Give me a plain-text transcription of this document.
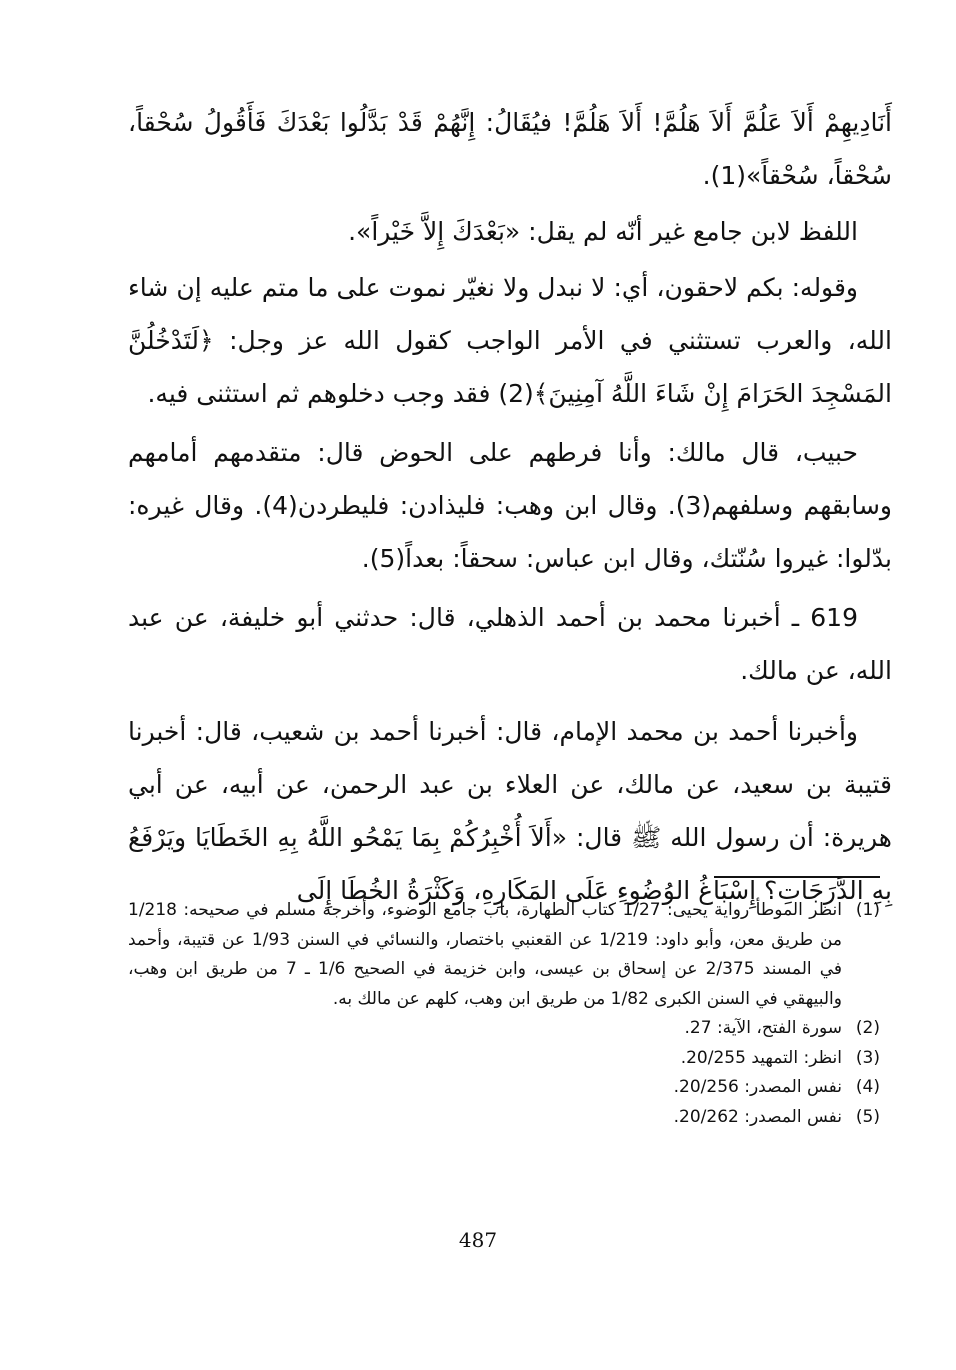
أَنَادِيهِمْ أَلاَ عَلُمَّ أَلاَ هَلُمَّ! أَلاَ هَلُمَّ! فيُقَالُ: إِنَّهُمْ قَدْ بَدَّلُوا بَعْدَكَ فَأَقُولُ سُحْقاً، سُحْقاً، سُحْقاً»(1).

اللفظ لابن جامع غير أنّه لم يقل: «بَعْدَكَ إِلاَّ خَيْراً».

وقوله: بكم لاحقون، أي: لا نبدل ولا نغيّر نموت على ما متم عليه إن شاء الله، والعرب تستثني في الأمر الواجب كقول الله عز وجل: ﴿لَتَدْخُلُنَّ المَسْجِدَ الحَرَامَ إِنْ شَاءَ اللَّهُ آمِنِينَ﴾(2) فقد وجب دخلوهم ثم استثنى فيه.

حبيب، قال مالك: وأنا فرطهم على الحوض قال: متقدمهم أمامهم وسابقهم وسلفهم(3). وقال ابن وهب: فليذادن: فليطردن(4). وقال غيره: بدّلوا: غيروا سُنّتك، وقال ابن عباس: سحقاً: بعداً(5).

619 ـ أخبرنا محمد بن أحمد الذهلي، قال: حدثني أبو خليفة، عن عبد الله، عن مالك.

وأخبرنا أحمد بن محمد الإمام، قال: أخبرنا أحمد بن شعيب، قال: أخبرنا قتيبة بن سعيد، عن مالك، عن العلاء بن عبد الرحمن، عن أبيه، عن أبي هريرة: أن رسول الله ﷺ قال: «أَلاَ أُخْبِرُكُمْ بِمَا يَمْحُو اللَّهُ بِهِ الخَطَايَا ويَرْفَعُ بِهِ الدَّرَجَاتِ؟ إِسْبَاغُ الوُضُوءِ عَلَى المَكَارِهِ، وَكَثْرَةُ الخُطَا إِلَى

(1)
انظر الموطأ رواية يحيى: 1/27 كتاب الطهارة، باب جامع الوضوء، وأخرجه مسلم في صحيحه: 1/218 من طريق معن، وأبو داود: 1/219 عن القعنبي باختصار، والنسائي في السنن 1/93 عن قتيبة، وأحمد في المسند 2/375 عن إسحاق بن عيسى، وابن خزيمة في الصحيح 1/6 ـ 7 من طريق ابن وهب، والبيهقي في السنن الكبرى 1/82 من طريق ابن وهب، كلهم عن مالك به.

(2)
سورة الفتح، الآية: 27.

(3)
انظر: التمهيد 20/255.

(4)
نفس المصدر: 20/256.

(5)
نفس المصدر: 20/262.

487
